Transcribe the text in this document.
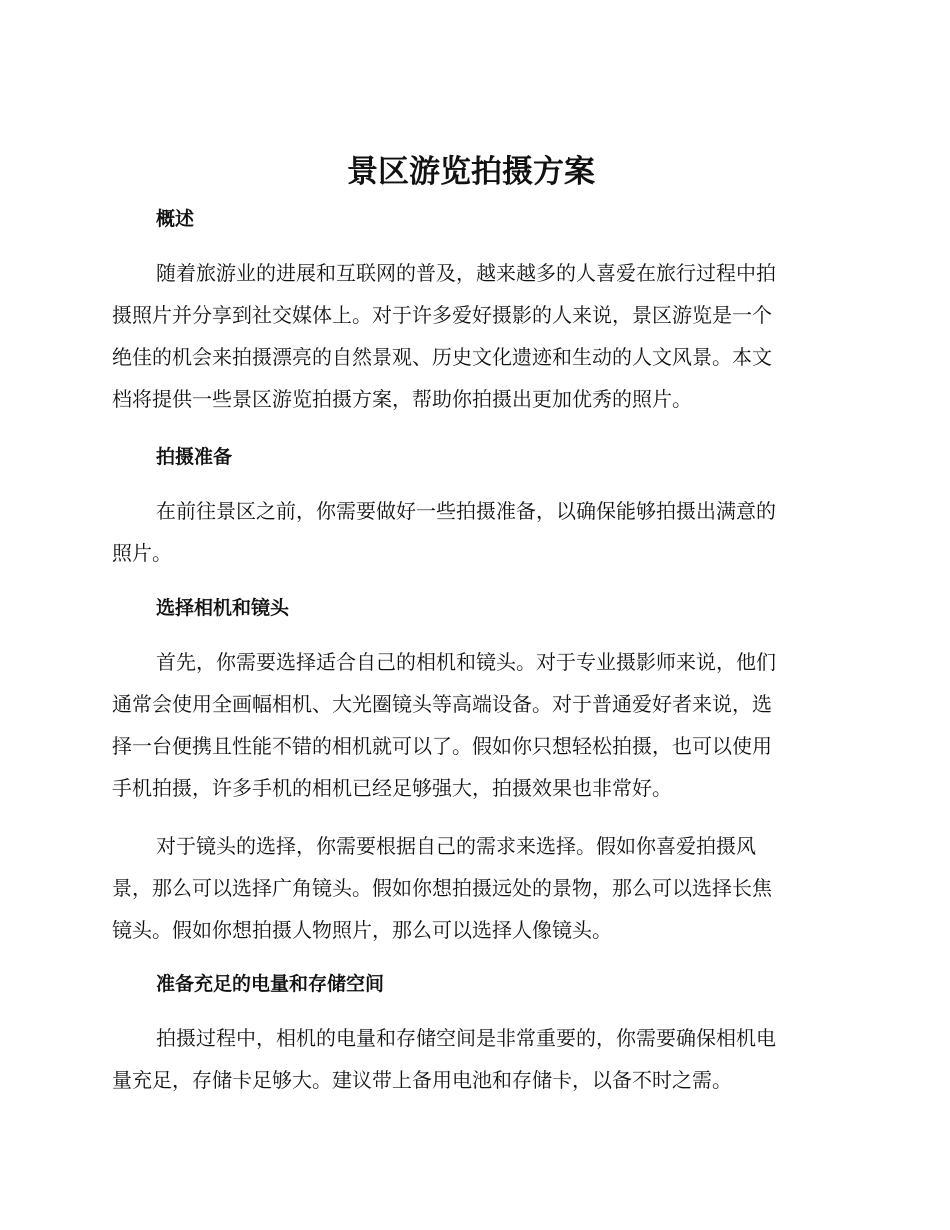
景区游览拍摄方案
概述

随着旅游业的进展和互联网的普及，越来越多的人喜爱在旅行过程中拍
摄照片并分享到社交媒体上。对于许多爱好摄影的人来说，景区游览是一个
绝佳的机会来拍摄漂亮的自然景观、历史文化遗迹和生动的人文风景。本文
档将提供一些景区游览拍摄方案，帮助你拍摄出更加优秀的照片。

拍摄准备

在前往景区之前，你需要做好一些拍摄准备，以确保能够拍摄出满意的
照片。

选择相机和镜头

首先，你需要选择适合自己的相机和镜头。对于专业摄影师来说，他们
通常会使用全画幅相机、大光圈镜头等高端设备。对于普通爱好者来说，选
择一台便携且性能不错的相机就可以了。假如你只想轻松拍摄，也可以使用
手机拍摄，许多手机的相机已经足够强大，拍摄效果也非常好。

对于镜头的选择，你需要根据自己的需求来选择。假如你喜爱拍摄风
景，那么可以选择广角镜头。假如你想拍摄远处的景物，那么可以选择长焦
镜头。假如你想拍摄人物照片，那么可以选择人像镜头。

准备充足的电量和存储空间

拍摄过程中，相机的电量和存储空间是非常重要的，你需要确保相机电
量充足，存储卡足够大。建议带上备用电池和存储卡，以备不时之需。
